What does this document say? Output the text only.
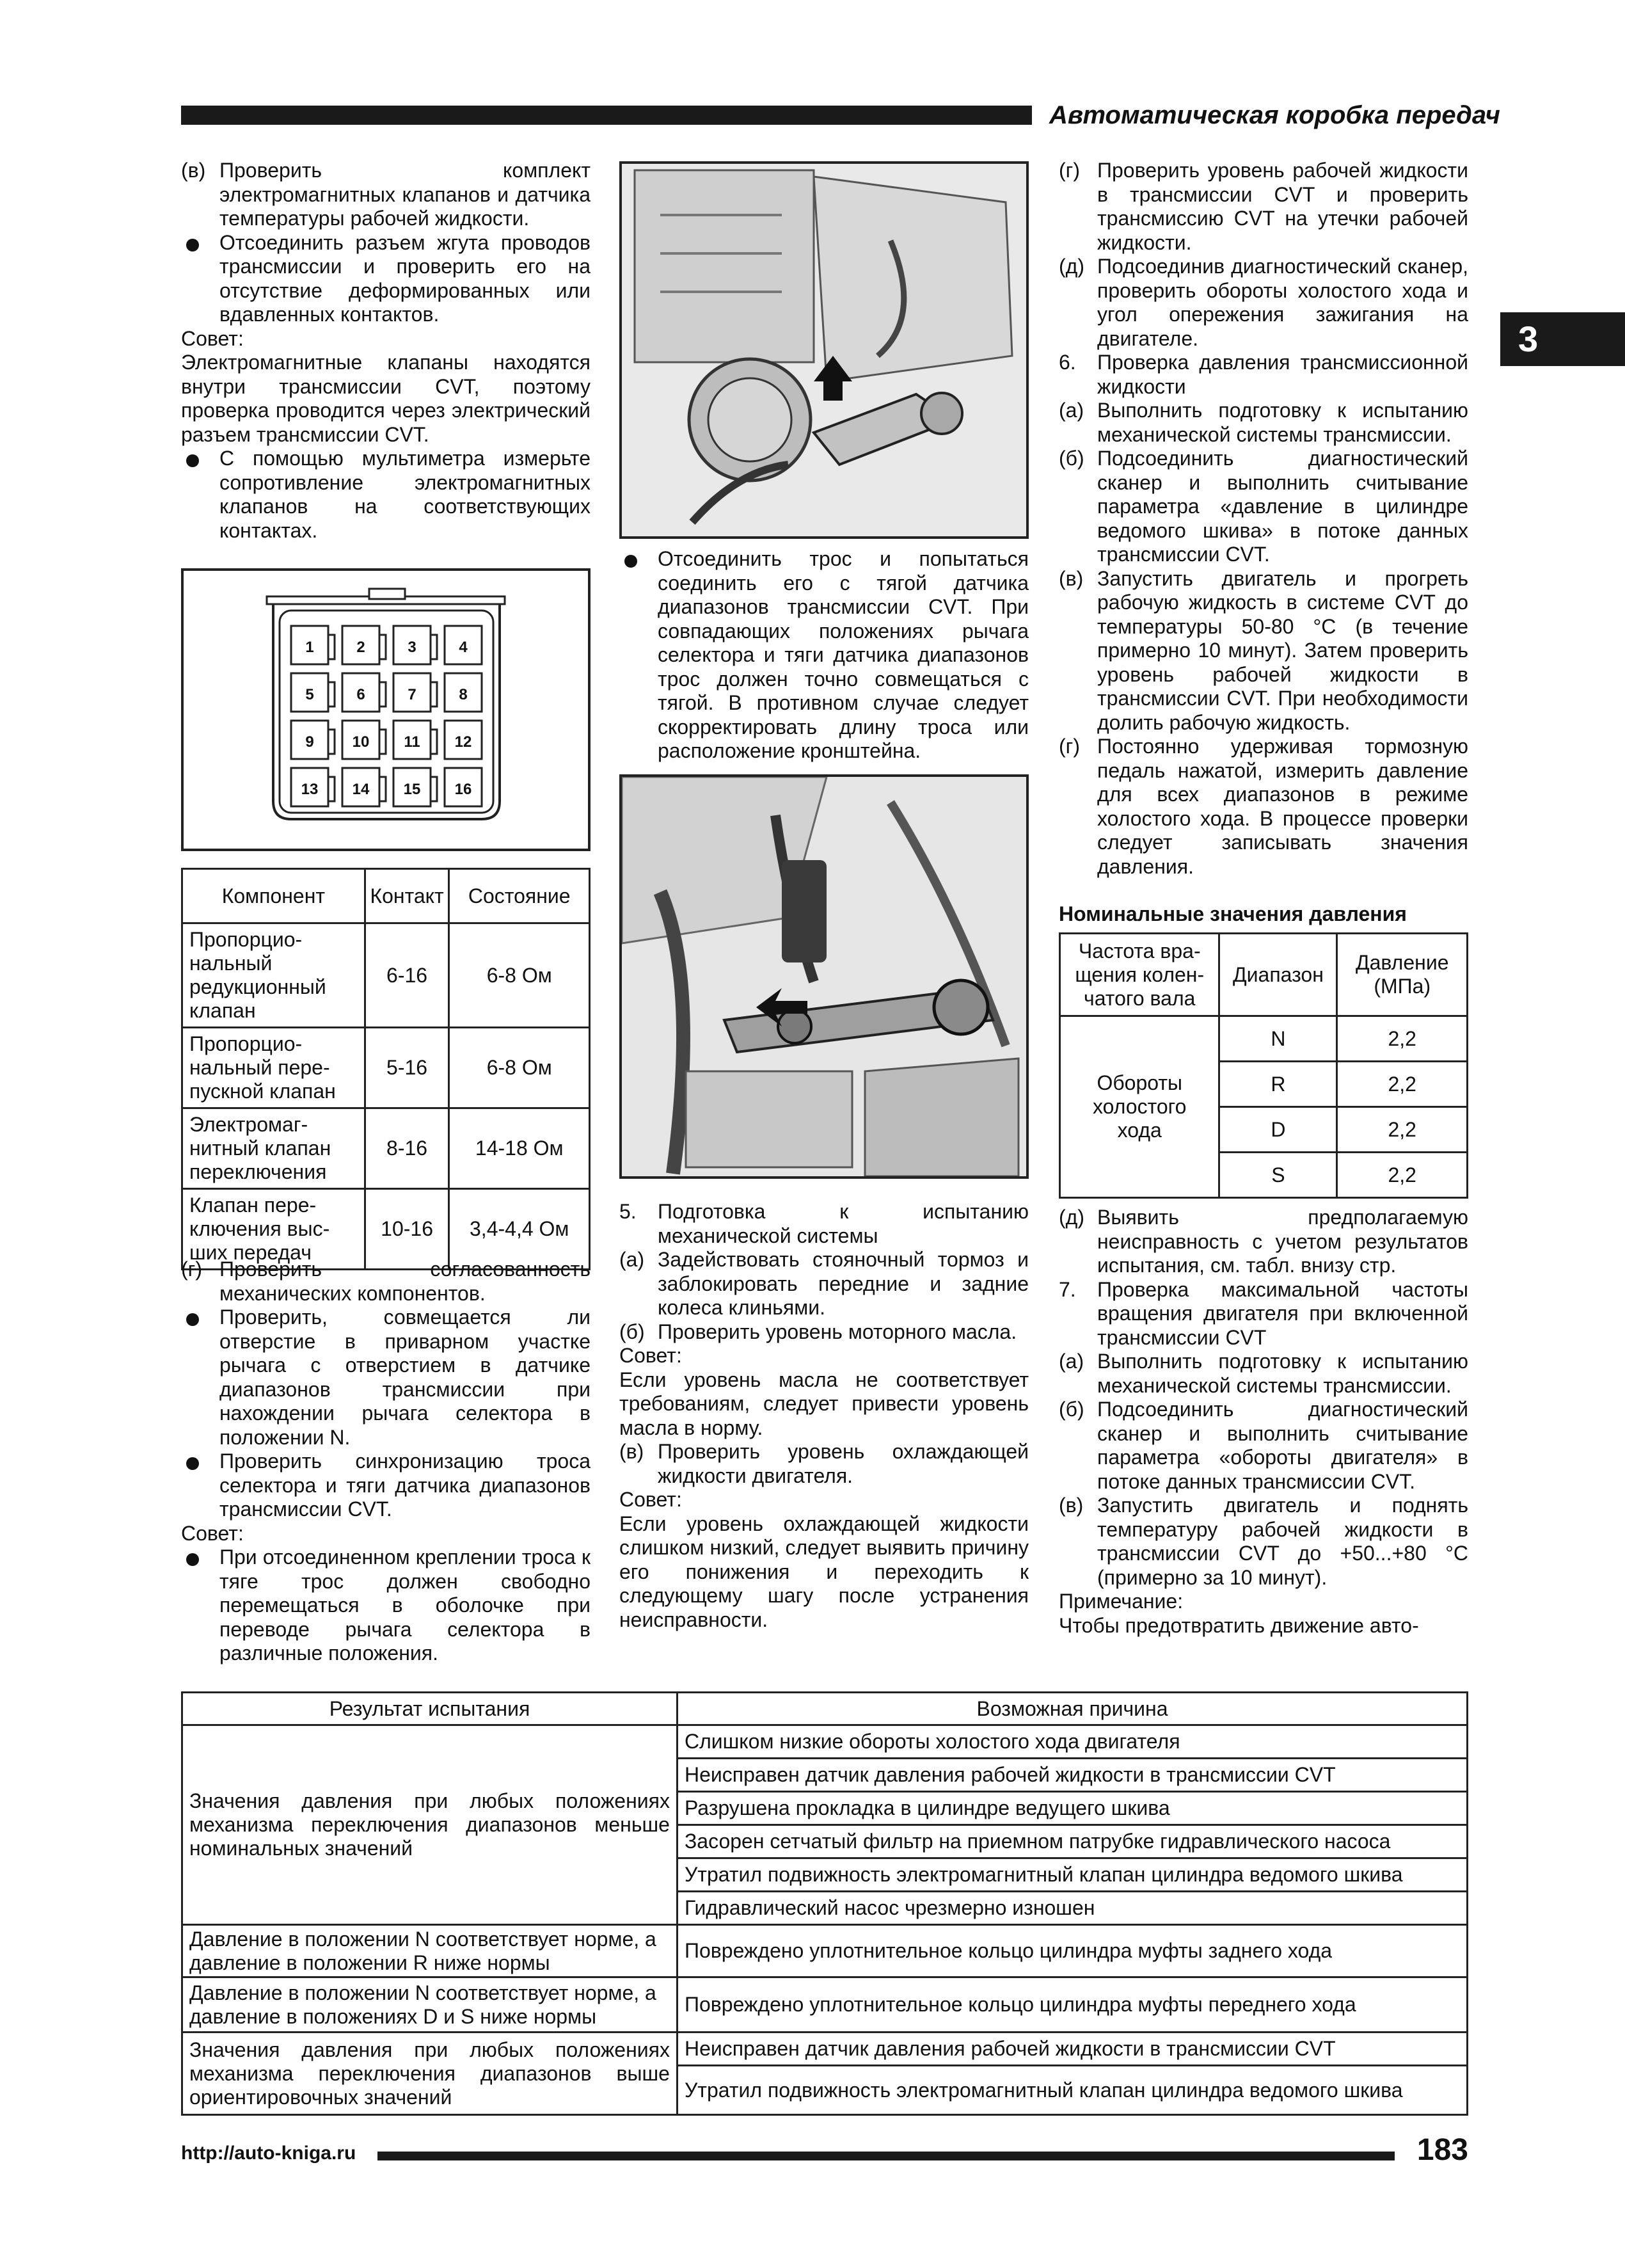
Автоматическая коробка передач
3

(в) Проверить комплект электромагнитных клапанов и датчика температуры рабочей жидкости.

Отсоединить разъем жгута проводов трансмиссии и проверить его на отсутствие деформированных или вдавленных контактов.

Совет:

Электромагнитные клапаны находятся внутри трансмиссии CVT, поэтому проверка проводится через электрический разъем трансмиссии CVT.

С помощью мультиметра измерьте сопротивление электромагнитных клапанов на соответствующих контактах.

1	2	3	4
5	6	7	8
9 10 11 12
13 14 15 16
Компонент	Контакт	Состояние
Пропорцио-нальный редукционный клапан	6-16	6-8 Ом
Пропорцио-нальный пере-пускной клапан	5-16	6-8 Ом
Электромаг-нитный клапан переключения	8-16	14-18 Ом
Клапан пере-ключения выс-ших передач	10-16	3,4-4,4 Ом

(г) Проверить согласованность механических компонентов.

Проверить, совмещается ли отверстие в приварном участке рычага с отверстием в датчике диапазонов трансмиссии при нахождении рычага селектора в положении N.

Проверить синхронизацию троса селектора и тяги датчика диапазонов трансмиссии CVT.

Совет:

При отсоединенном креплении троса к тяге трос должен свободно перемещаться в оболочке при переводе рычага селектора в различные положения.

Отсоединить трос и попытаться соединить его с тягой датчика диапазонов трансмиссии CVT. При совпадающих положениях рычага селектора и тяги датчика диапазонов трос должен точно совмещаться с тягой. В противном случае следует скорректировать длину троса или расположение кронштейна.

5. Подготовка к испытанию механической системы

(а) Задействовать стояночный тормоз и заблокировать передние и задние колеса клиньями.

(б) Проверить уровень моторного масла.

Совет:

Если уровень масла не соответствует требованиям, следует привести уровень масла в норму.

(в) Проверить уровень охлаждающей жидкости двигателя.

Совет:

Если уровень охлаждающей жидкости слишком низкий, следует выявить причину его понижения и переходить к следующему шагу после устранения неисправности.

(г) Проверить уровень рабочей жидкости в трансмиссии CVT и проверить трансмиссию CVT на утечки рабочей жидкости.

(д) Подсоединив диагностический сканер, проверить обороты холостого хода и угол опережения зажигания на двигателе.

6. Проверка давления трансмиссионной жидкости

(а) Выполнить подготовку к испытанию механической системы трансмиссии.

(б) Подсоединить диагностический сканер и выполнить считывание параметра «давление в цилиндре ведомого шкива» в потоке данных трансмиссии CVT.

(в) Запустить двигатель и прогреть рабочую жидкость в системе CVT до температуры 50-80 °С (в течение примерно 10 минут). Затем проверить уровень рабочей жидкости в трансмиссии CVT. При необходимости долить рабочую жидкость.

(г) Постоянно удерживая тормозную педаль нажатой, измерить давление для всех диапазонов в режиме холостого хода. В процессе проверки следует записывать значения давления.

Номинальные значения давления
Частота вра-щения колен-чатого вала	Диапазон	Давление (МПа)
Обороты холостого хода	N	2,2
	R	2,2
	D	2,2
	S	2,2

(д) Выявить предполагаемую неисправность с учетом результатов испытания, см. табл. внизу стр.

7. Проверка максимальной частоты вращения двигателя при включенной трансмиссии CVT

(а) Выполнить подготовку к испытанию механической системы трансмиссии.

(б) Подсоединить диагностический сканер и выполнить считывание параметра «обороты двигателя» в потоке данных трансмиссии CVT.

(в) Запустить двигатель и поднять температуру рабочей жидкости в трансмиссии CVT до +50...+80 °С (примерно за 10 минут).

Примечание:

Чтобы предотвратить движение авто-

Результат испытания	Возможная причина
Значения давления при любых положениях механизма переключения диапазонов меньше номинальных значений	Слишком низкие обороты холостого хода двигателя
	Неисправен датчик давления рабочей жидкости в трансмиссии CVT
	Разрушена прокладка в цилиндре ведущего шкива
	Засорен сетчатый фильтр на приемном патрубке гидравлического насоса
	Утратил подвижность электромагнитный клапан цилиндра ведомого шкива
	Гидравлический насос чрезмерно изношен
Давление в положении N соответствует норме, а давление в положении R ниже нормы	Повреждено уплотнительное кольцо цилиндра муфты заднего хода
Давление в положении N соответствует норме, а давление в положениях D и S ниже нормы	Повреждено уплотнительное кольцо цилиндра муфты переднего хода
Значения давления при любых положениях механизма переключения диапазонов выше ориентировочных значений	Неисправен датчик давления рабочей жидкости в трансмиссии CVT
	Утратил подвижность электромагнитный клапан цилиндра ведомого шкива
http://auto-kniga.ru	183
